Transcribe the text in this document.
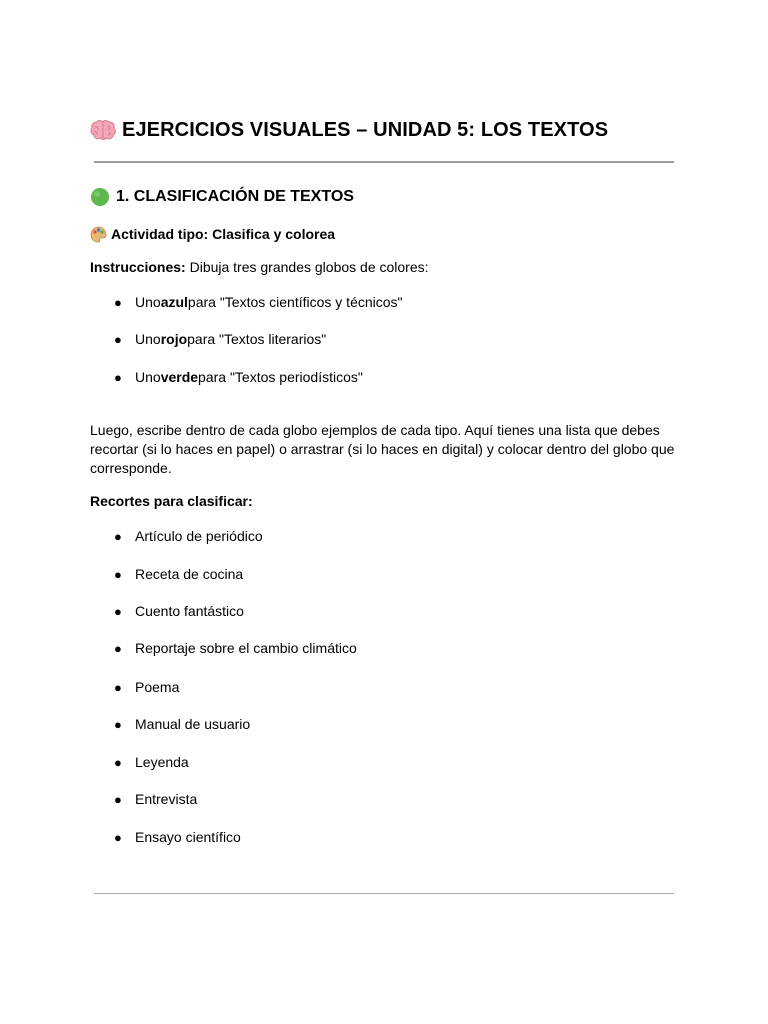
EJERCICIOS VISUALES – UNIDAD 5: LOS TEXTOS
1. CLASIFICACIÓN DE TEXTOS
Actividad tipo: Clasifica y colorea
Instrucciones: Dibuja tres grandes globos de colores:
● Uno azul para "Textos científicos y técnicos"
● Uno rojo para "Textos literarios"
● Uno verde para "Textos periodísticos"
Luego, escribe dentro de cada globo ejemplos de cada tipo. Aquí tienes una lista que debes recortar (si lo haces en papel) o arrastrar (si lo haces en digital) y colocar dentro del globo que corresponde.
Recortes para clasificar:
● Artículo de periódico
● Receta de cocina
● Cuento fantástico
● Reportaje sobre el cambio climático
● Poema
● Manual de usuario
● Leyenda
● Entrevista
● Ensayo científico
